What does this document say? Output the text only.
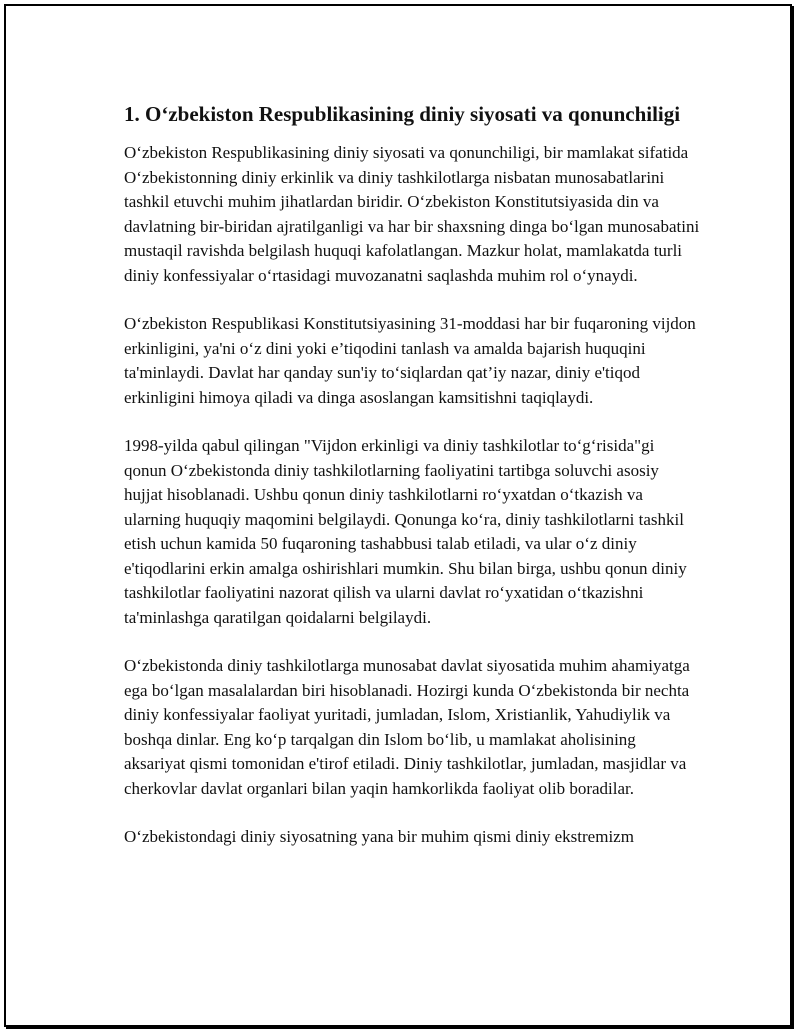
1. O‘zbekiston Respublikasining diniy siyosati va qonunchiligi

O‘zbekiston Respublikasining diniy siyosati va qonunchiligi, bir mamlakat sifatida O‘zbekistonning diniy erkinlik va diniy tashkilotlarga nisbatan munosabatlarini tashkil etuvchi muhim jihatlardan biridir. O‘zbekiston Konstitutsiyasida din va davlatning bir-biridan ajratilganligi va har bir shaxsning dinga bo‘lgan munosabatini mustaqil ravishda belgilash huquqi kafolatlangan. Mazkur holat, mamlakatda turli diniy konfessiyalar o‘rtasidagi muvozanatni saqlashda muhim rol o‘ynaydi.

O‘zbekiston Respublikasi Konstitutsiyasining 31-moddasi har bir fuqaroning vijdon erkinligini, ya'ni o‘z dini yoki e’tiqodini tanlash va amalda bajarish huquqini ta'minlaydi. Davlat har qanday sun'iy to‘siqlardan qat’iy nazar, diniy e'tiqod erkinligini himoya qiladi va dinga asoslangan kamsitishni taqiqlaydi.

1998-yilda qabul qilingan "Vijdon erkinligi va diniy tashkilotlar to‘g‘risida"gi qonun O‘zbekistonda diniy tashkilotlarning faoliyatini tartibga soluvchi asosiy hujjat hisoblanadi. Ushbu qonun diniy tashkilotlarni ro‘yxatdan o‘tkazish va ularning huquqiy maqomini belgilaydi. Qonunga ko‘ra, diniy tashkilotlarni tashkil etish uchun kamida 50 fuqaroning tashabbusi talab etiladi, va ular o‘z diniy e'tiqodlarini erkin amalga oshirishlari mumkin. Shu bilan birga, ushbu qonun diniy tashkilotlar faoliyatini nazorat qilish va ularni davlat ro‘yxatidan o‘tkazishni ta'minlashga qaratilgan qoidalarni belgilaydi.

O‘zbekistonda diniy tashkilotlarga munosabat davlat siyosatida muhim ahamiyatga ega bo‘lgan masalalardan biri hisoblanadi. Hozirgi kunda O‘zbekistonda bir nechta diniy konfessiyalar faoliyat yuritadi, jumladan, Islom, Xristianlik, Yahudiylik va boshqa dinlar. Eng ko‘p tarqalgan din Islom bo‘lib, u mamlakat aholisining aksariyat qismi tomonidan e'tirof etiladi. Diniy tashkilotlar, jumladan, masjidlar va cherkovlar davlat organlari bilan yaqin hamkorlikda faoliyat olib boradilar.

O‘zbekistondagi diniy siyosatning yana bir muhim qismi diniy ekstremizm
